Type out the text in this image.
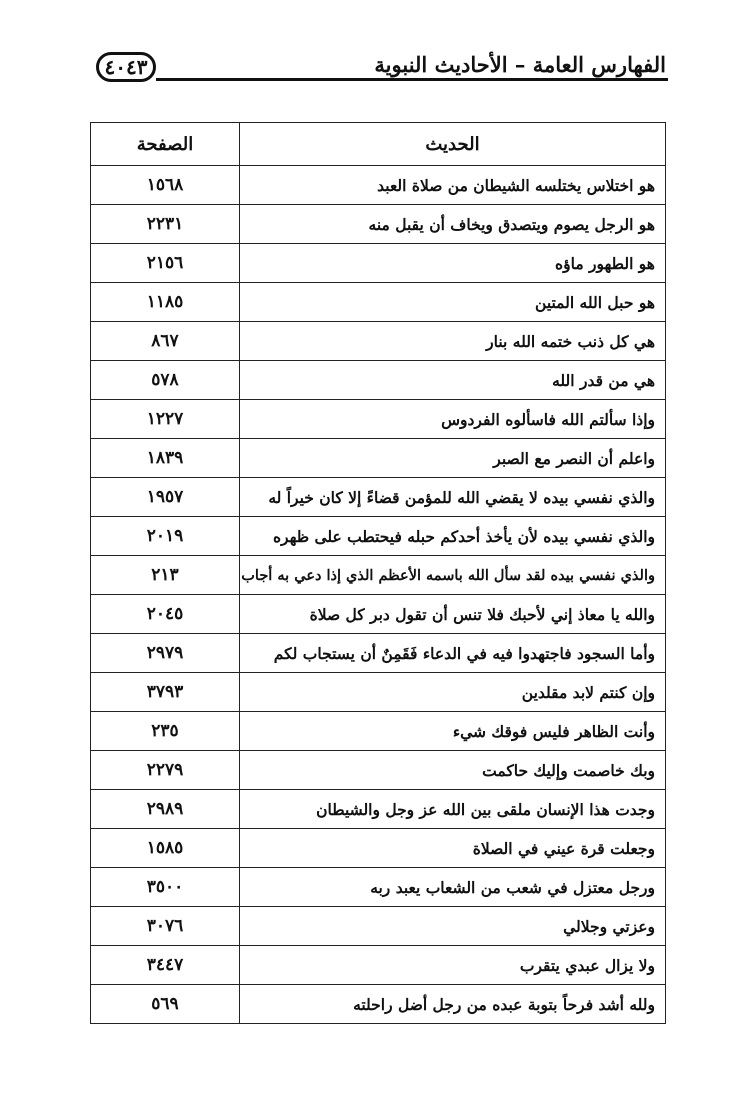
الفهارس العامة – الأحاديث النبوية
٤٠٤٣
الحديث	الصفحة
هو اختلاس يختلسه الشيطان من صلاة العبد	١٥٦٨
هو الرجل يصوم ويتصدق ويخاف أن يقبل منه	٢٢٣١
هو الطهور ماؤه	٢١٥٦
هو حبل الله المتين	١١٨٥
هي كل ذنب ختمه الله بنار	٨٦٧
هي من قدر الله	٥٧٨
وإذا سألتم الله فاسألوه الفردوس	١٢٢٧
واعلم أن النصر مع الصبر	١٨٣٩
والذي نفسي بيده لا يقضي الله للمؤمن قضاءً إلا كان خيراً له	١٩٥٧
والذي نفسي بيده لأن يأخذ أحدكم حبله فيحتطب على ظهره	٢٠١٩
والذي نفسي بيده لقد سأل الله باسمه الأعظم الذي إذا دعي به أجاب	٢١٣
والله يا معاذ إني لأحبك فلا تنس أن تقول دبر كل صلاة	٢٠٤٥
وأما السجود فاجتهدوا فيه في الدعاء فَقَمِنٌ أن يستجاب لكم	٢٩٧٩
وإن كنتم لابد مقلدين	٣٧٩٣
وأنت الظاهر فليس فوقك شيء	٢٣٥
وبك خاصمت وإليك حاكمت	٢٢٧٩
وجدت هذا الإنسان ملقى بين الله عز وجل والشيطان	٢٩٨٩
وجعلت قرة عيني في الصلاة	١٥٨٥
ورجل معتزل في شعب من الشعاب يعبد ربه	٣٥٠٠
وعزتي وجلالي	٣٠٧٦
ولا يزال عبدي يتقرب	٣٤٤٧
ولله أشد فرحاً بتوبة عبده من رجل أضل راحلته	٥٦٩
